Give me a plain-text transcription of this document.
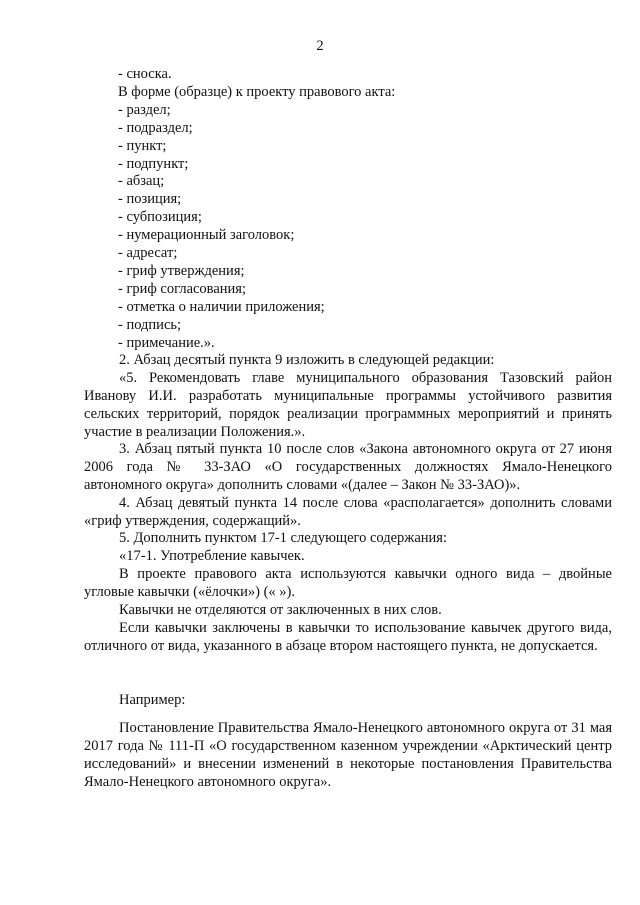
2
- сноска.
В форме (образце) к проекту правового акта:
- раздел;
- подраздел;
- пункт;
- подпункт;
- абзац;
- позиция;
- субпозиция;
- нумерационный заголовок;
- адресат;
- гриф утверждения;
- гриф согласования;
- отметка о наличии приложения;
- подпись;
- примечание.».

2. Абзац десятый пункта 9 изложить в следующей редакции:

«5. Рекомендовать главе муниципального образования Тазовский район Иванову И.И. разработать муниципальные программы устойчивого развития сельских территорий, порядок реализации программных мероприятий и принять участие в реализации Положения.».

3. Абзац пятый пункта 10 после слов «Закона автономного округа от 27 июня 2006 года № 33-ЗАО «О государственных должностях Ямало-Ненецкого автономного округа» дополнить словами «(далее – Закон № 33-ЗАО)».

4. Абзац девятый пункта 14 после слова «располагается» дополнить словами «гриф утверждения, содержащий».

5. Дополнить пунктом 17-1 следующего содержания:

«17-1. Употребление кавычек.

В проекте правового акта используются кавычки одного вида – двойные угловые кавычки («ёлочки») (« »).

Кавычки не отделяются от заключенных в них слов.

Если кавычки заключены в кавычки то использование кавычек другого вида, отличного от вида, указанного в абзаце втором настоящего пункта, не допускается.

Например:

Постановление Правительства Ямало-Ненецкого автономного округа от 31 мая 2017 года № 111-П «О государственном казенном учреждении «Арктический центр исследований» и внесении изменений в некоторые постановления Правительства Ямало-Ненецкого автономного округа».
